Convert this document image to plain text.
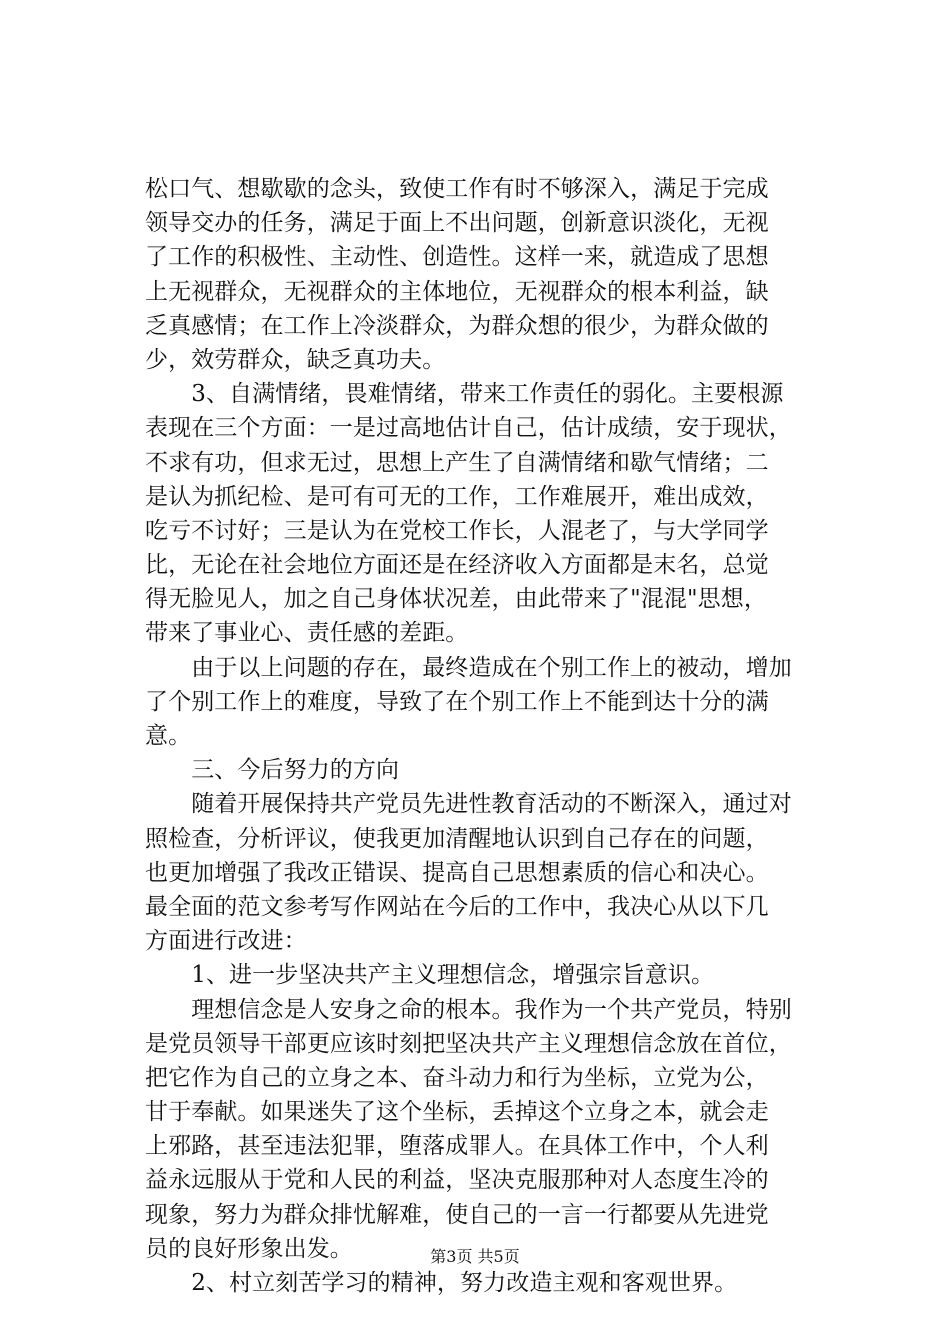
松口气、想歇歇的念头，致使工作有时不够深入，满足于完成
领导交办的任务，满足于面上不出问题，创新意识淡化，无视
了工作的积极性、主动性、创造性。这样一来，就造成了思想
上无视群众，无视群众的主体地位，无视群众的根本利益，缺
乏真感情；在工作上冷淡群众，为群众想的很少，为群众做的
少，效劳群众，缺乏真功夫。
　　3、自满情绪，畏难情绪，带来工作责任的弱化。主要根源
表现在三个方面：一是过高地估计自己，估计成绩，安于现状，
不求有功，但求无过，思想上产生了自满情绪和歇气情绪；二
是认为抓纪检、是可有可无的工作，工作难展开，难出成效，
吃亏不讨好；三是认为在党校工作长，人混老了，与大学同学
比，无论在社会地位方面还是在经济收入方面都是末名，总觉
得无脸见人，加之自己身体状况差，由此带来了"混混"思想，
带来了事业心、责任感的差距。
　　由于以上问题的存在，最终造成在个别工作上的被动，增加
了个别工作上的难度，导致了在个别工作上不能到达十分的满
意。
　　三、今后努力的方向
　　随着开展保持共产党员先进性教育活动的不断深入，通过对
照检查，分析评议，使我更加清醒地认识到自己存在的问题，
也更加增强了我改正错误、提高自己思想素质的信心和决心。
最全面的范文参考写作网站在今后的工作中，我决心从以下几
方面进行改进：
　　1、进一步坚决共产主义理想信念，增强宗旨意识。
　　理想信念是人安身之命的根本。我作为一个共产党员，特别
是党员领导干部更应该时刻把坚决共产主义理想信念放在首位，
把它作为自己的立身之本、奋斗动力和行为坐标，立党为公，
甘于奉献。如果迷失了这个坐标，丢掉这个立身之本，就会走
上邪路，甚至违法犯罪，堕落成罪人。在具体工作中，个人利
益永远服从于党和人民的利益，坚决克服那种对人态度生冷的
现象，努力为群众排忧解难，使自己的一言一行都要从先进党
员的良好形象出发。
　　2、村立刻苦学习的精神，努力改造主观和客观世界。
第3页 共5页
